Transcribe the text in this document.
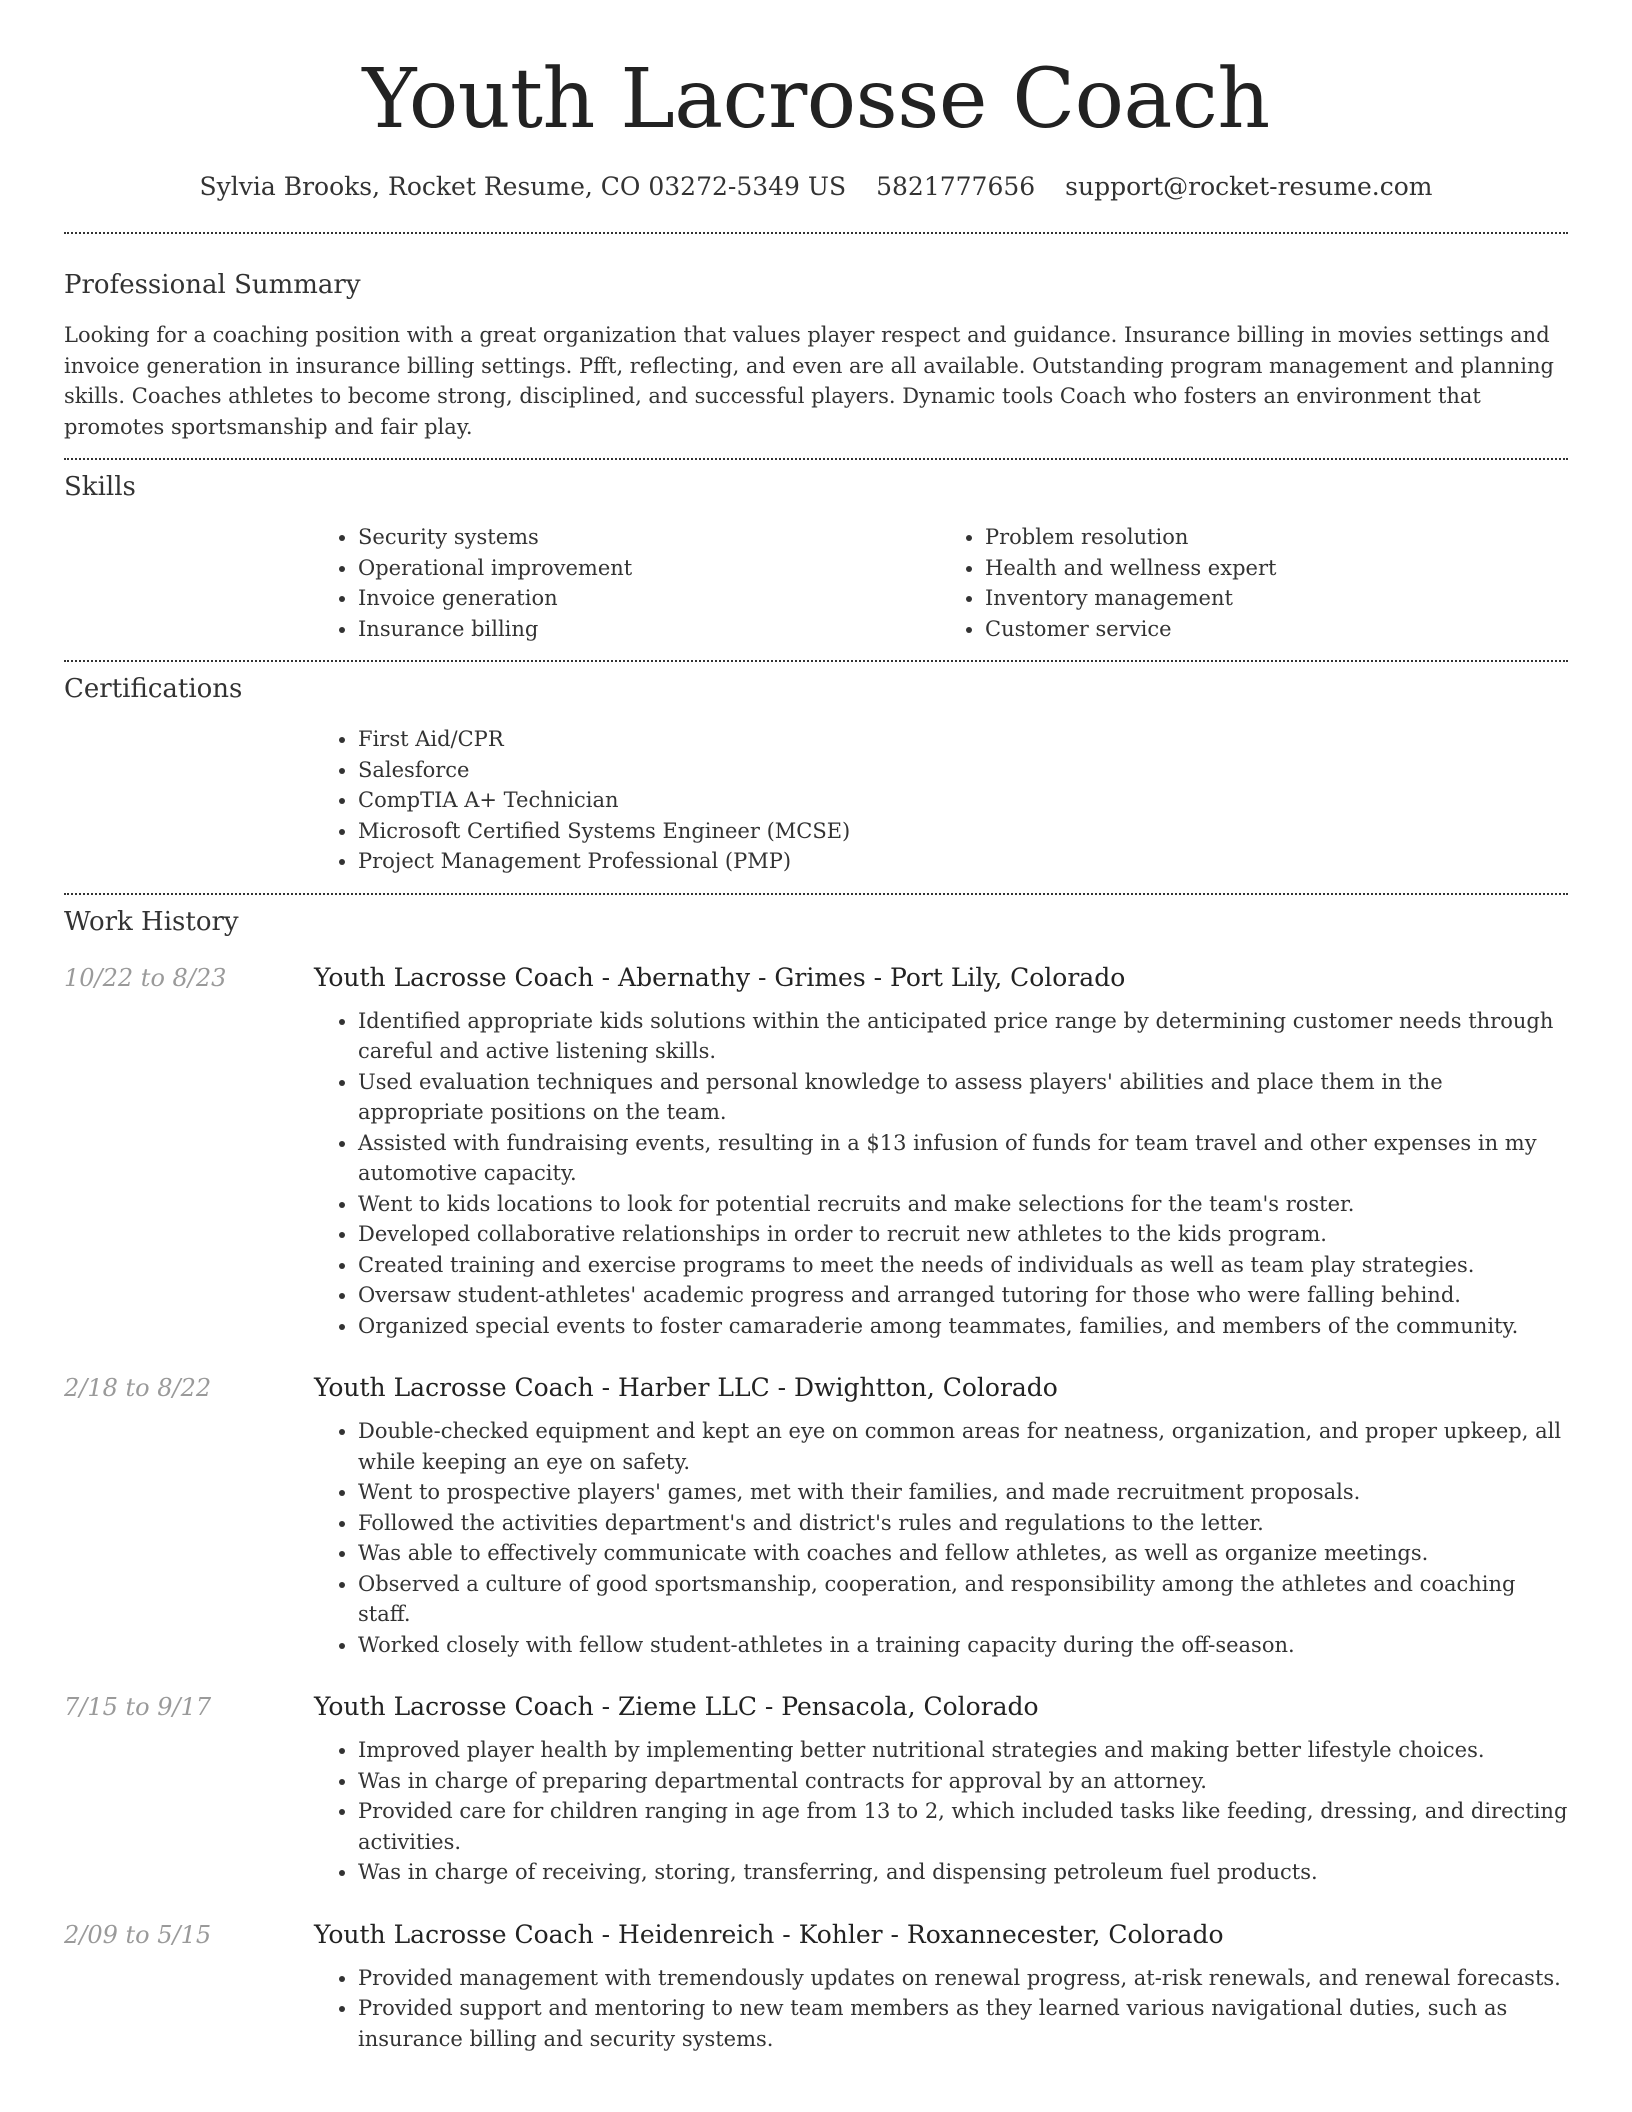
Youth Lacrosse Coach
Sylvia Brooks, Rocket Resume, CO 03272-5349 US 5821777656 support@rocket-resume.com
Professional Summary

Looking for a coaching position with a great organization that values player respect and guidance. Insurance billing in movies settings and invoice generation in insurance billing settings. Pfft, reflecting, and even are all available. Outstanding program management and planning skills. Coaches athletes to become strong, disciplined, and successful players. Dynamic tools Coach who fosters an environment that promotes sportsmanship and fair play.

Skills
• Security systems
• Operational improvement
• Invoice generation
• Insurance billing
• Problem resolution
• Health and wellness expert
• Inventory management
• Customer service
Certifications
• First Aid/CPR
• Salesforce
• CompTIA A+ Technician
• Microsoft Certified Systems Engineer (MCSE)
• Project Management Professional (PMP)
Work History
10/22 to 8/23	Youth Lacrosse Coach - Abernathy - Grimes - Port Lily, Colorado
• Identified appropriate kids solutions within the anticipated price range by determining customer needs through careful and active listening skills.
• Used evaluation techniques and personal knowledge to assess players' abilities and place them in the appropriate positions on the team.
• Assisted with fundraising events, resulting in a $13 infusion of funds for team travel and other expenses in my automotive capacity.
• Went to kids locations to look for potential recruits and make selections for the team's roster.
• Developed collaborative relationships in order to recruit new athletes to the kids program.
• Created training and exercise programs to meet the needs of individuals as well as team play strategies.
• Oversaw student-athletes' academic progress and arranged tutoring for those who were falling behind.
• Organized special events to foster camaraderie among teammates, families, and members of the community.
2/18 to 8/22	Youth Lacrosse Coach - Harber LLC - Dwightton, Colorado
• Double-checked equipment and kept an eye on common areas for neatness, organization, and proper upkeep, all while keeping an eye on safety.
• Went to prospective players' games, met with their families, and made recruitment proposals.
• Followed the activities department's and district's rules and regulations to the letter.
• Was able to effectively communicate with coaches and fellow athletes, as well as organize meetings.
• Observed a culture of good sportsmanship, cooperation, and responsibility among the athletes and coaching staff.
• Worked closely with fellow student-athletes in a training capacity during the off-season.
7/15 to 9/17	Youth Lacrosse Coach - Zieme LLC - Pensacola, Colorado
• Improved player health by implementing better nutritional strategies and making better lifestyle choices.
• Was in charge of preparing departmental contracts for approval by an attorney.
• Provided care for children ranging in age from 13 to 2, which included tasks like feeding, dressing, and directing activities.
• Was in charge of receiving, storing, transferring, and dispensing petroleum fuel products.
2/09 to 5/15	Youth Lacrosse Coach - Heidenreich - Kohler - Roxannecester, Colorado
• Provided management with tremendously updates on renewal progress, at-risk renewals, and renewal forecasts.
• Provided support and mentoring to new team members as they learned various navigational duties, such as insurance billing and security systems.
